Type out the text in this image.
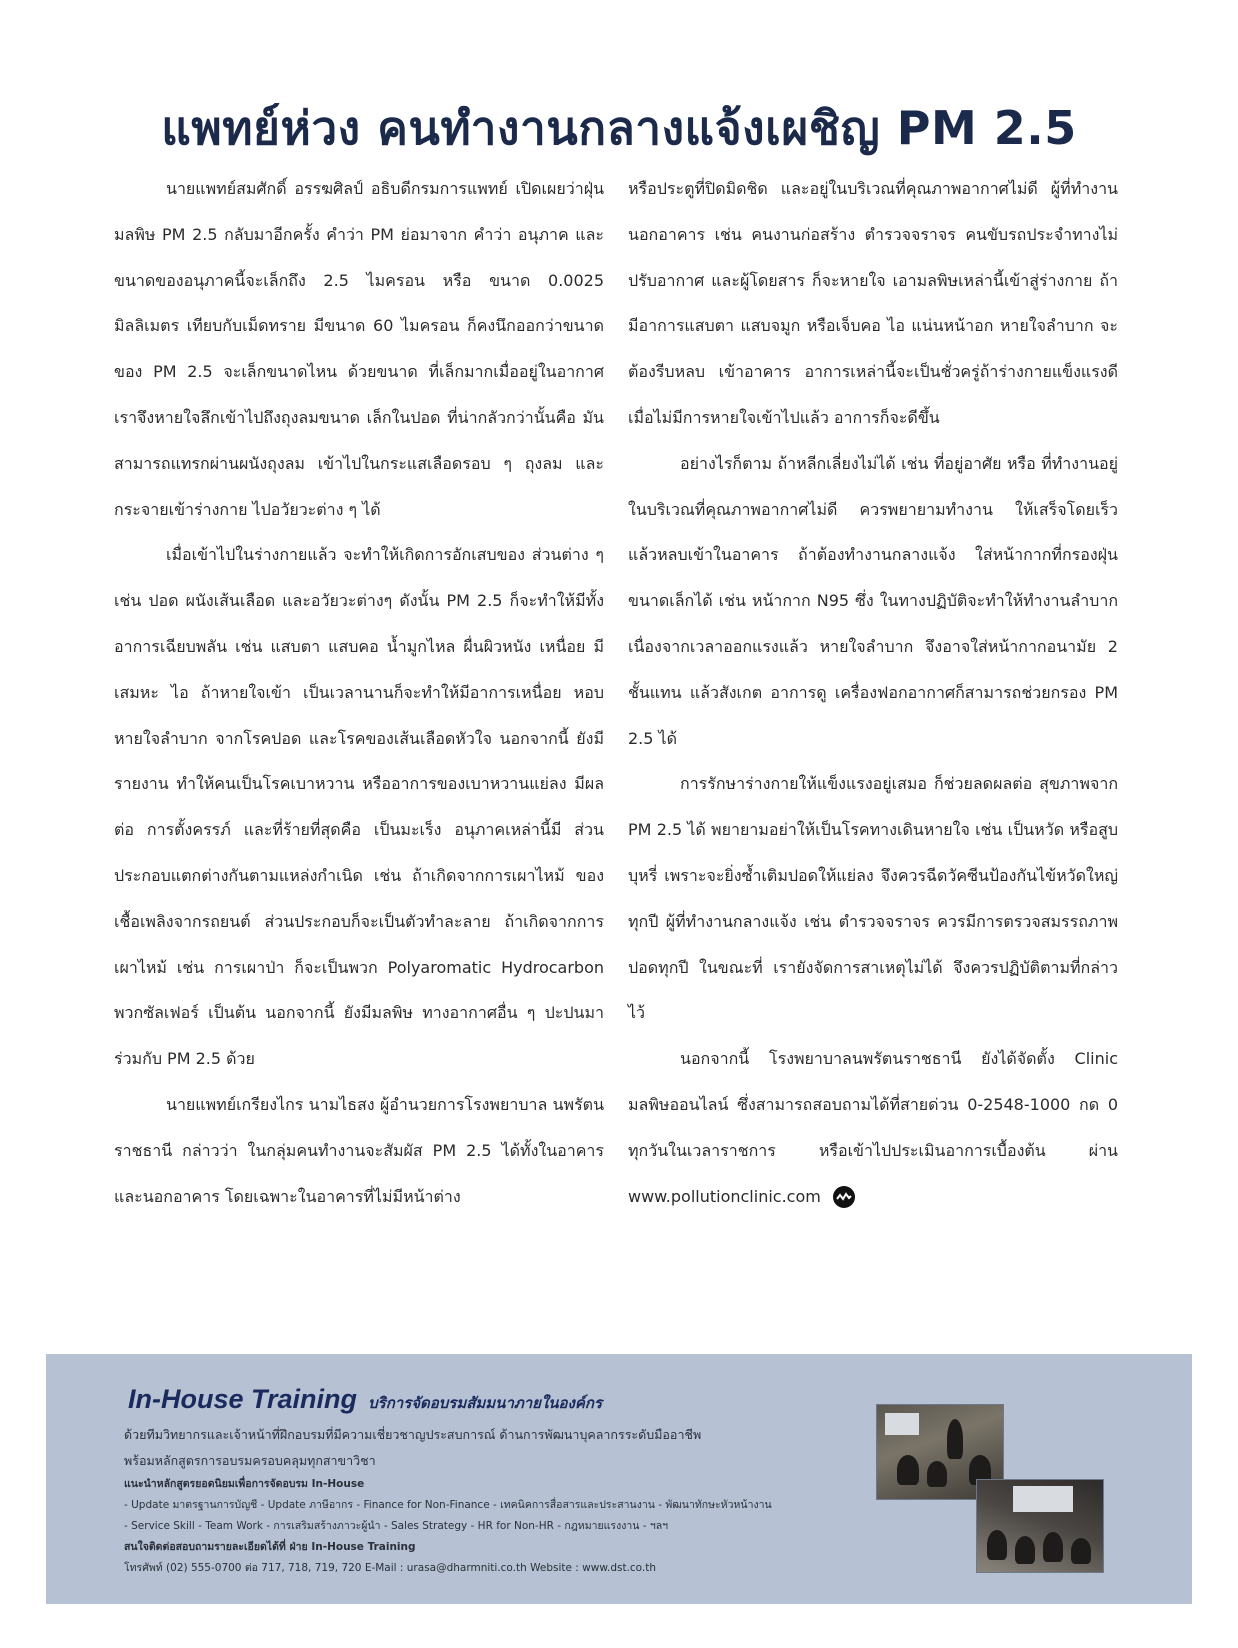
แพทย์ห่วง คนทำงานกลางแจ้งเผชิญ PM 2.5

นายแพทย์สมศักดิ์ อรรฆศิลป์ อธิบดีกรมการแพทย์ เปิดเผยว่าฝุ่นมลพิษ PM 2.5 กลับมาอีกครั้ง คำว่า PM ย่อมาจาก คำว่า อนุภาค และขนาดของอนุภาคนี้จะเล็กถึง 2.5 ไมครอน หรือ ขนาด 0.0025 มิลลิเมตร เทียบกับเม็ดทราย มีขนาด 60 ไมครอน ก็คงนึกออกว่าขนาดของ PM 2.5 จะเล็กขนาดไหน ด้วยขนาด ที่เล็กมากเมื่ออยู่ในอากาศ เราจึงหายใจลึกเข้าไปถึงถุงลมขนาด เล็กในปอด ที่น่ากลัวกว่านั้นคือ มันสามารถแทรกผ่านผนังถุงลม เข้าไปในกระแสเลือดรอบ ๆ ถุงลม และกระจายเข้าร่างกาย ไปอวัยวะต่าง ๆ ได้

เมื่อเข้าไปในร่างกายแล้ว จะทำให้เกิดการอักเสบของ ส่วนต่าง ๆ เช่น ปอด ผนังเส้นเลือด และอวัยวะต่างๆ ดังนั้น PM 2.5 ก็จะทำให้มีทั้งอาการเฉียบพลัน เช่น แสบตา แสบคอ น้ำมูกไหล ผื่นผิวหนัง เหนื่อย มีเสมหะ ไอ ถ้าหายใจเข้า เป็นเวลานานก็จะทำให้มีอาการเหนื่อย หอบ หายใจลำบาก จากโรคปอด และโรคของเส้นเลือดหัวใจ นอกจากนี้ ยังมีรายงาน ทำให้คนเป็นโรคเบาหวาน หรืออาการของเบาหวานแย่ลง มีผลต่อ การตั้งครรภ์ และที่ร้ายที่สุดคือ เป็นมะเร็ง อนุภาคเหล่านี้มี ส่วนประกอบแตกต่างกันตามแหล่งกำเนิด เช่น ถ้าเกิดจากการเผาไหม้ ของเชื้อเพลิงจากรถยนต์ ส่วนประกอบก็จะเป็นตัวทำละลาย ถ้าเกิดจากการเผาไหม้ เช่น การเผาป่า ก็จะเป็นพวก Polyaromatic Hydrocarbon พวกซัลเฟอร์ เป็นต้น นอกจากนี้ ยังมีมลพิษ ทางอากาศอื่น ๆ ปะปนมาร่วมกับ PM 2.5 ด้วย

นายแพทย์เกรียงไกร นามไธสง ผู้อำนวยการโรงพยาบาล นพรัตนราชธานี กล่าวว่า ในกลุ่มคนทำงานจะสัมผัส PM 2.5 ได้ทั้งในอาคารและนอกอาคาร โดยเฉพาะในอาคารที่ไม่มีหน้าต่าง

หรือประตูที่ปิดมิดชิด และอยู่ในบริเวณที่คุณภาพอากาศไม่ดี ผู้ที่ทำงานนอกอาคาร เช่น คนงานก่อสร้าง ตำรวจจราจร คนขับรถประจำทางไม่ปรับอากาศ และผู้โดยสาร ก็จะหายใจ เอามลพิษเหล่านี้เข้าสู่ร่างกาย ถ้ามีอาการแสบตา แสบจมูก หรือเจ็บคอ ไอ แน่นหน้าอก หายใจลำบาก จะต้องรีบหลบ เข้าอาคาร อาการเหล่านี้จะเป็นชั่วครู่ถ้าร่างกายแข็งแรงดี เมื่อไม่มีการหายใจเข้าไปแล้ว อาการก็จะดีขึ้น

อย่างไรก็ตาม ถ้าหลีกเลี่ยงไม่ได้ เช่น ที่อยู่อาศัย หรือ ที่ทำงานอยู่ในบริเวณที่คุณภาพอากาศไม่ดี ควรพยายามทำงาน ให้เสร็จโดยเร็ว แล้วหลบเข้าในอาคาร ถ้าต้องทำงานกลางแจ้ง ใส่หน้ากากที่กรองฝุ่นขนาดเล็กได้ เช่น หน้ากาก N95 ซึ่ง ในทางปฏิบัติจะทำให้ทำงานลำบาก เนื่องจากเวลาออกแรงแล้ว หายใจลำบาก จึงอาจใส่หน้ากากอนามัย 2 ชั้นแทน แล้วสังเกต อาการดู เครื่องฟอกอากาศก็สามารถช่วยกรอง PM 2.5 ได้

การรักษาร่างกายให้แข็งแรงอยู่เสมอ ก็ช่วยลดผลต่อ สุขภาพจาก PM 2.5 ได้ พยายามอย่าให้เป็นโรคทางเดินหายใจ เช่น เป็นหวัด หรือสูบบุหรี่ เพราะจะยิ่งซ้ำเติมปอดให้แย่ลง จึงควรฉีดวัคซีนป้องกันไข้หวัดใหญ่ทุกปี ผู้ที่ทำงานกลางแจ้ง เช่น ตำรวจจราจร ควรมีการตรวจสมรรถภาพปอดทุกปี ในขณะที่ เรายังจัดการสาเหตุไม่ได้ จึงควรปฏิบัติตามที่กล่าวไว้

นอกจากนี้ โรงพยาบาลนพรัตนราชธานี ยังได้จัดตั้ง Clinic มลพิษออนไลน์ ซึ่งสามารถสอบถามได้ที่สายด่วน 0-2548-1000 กด 0 ทุกวันในเวลาราชการ หรือเข้าไปประเมินอาการเบื้องต้น ผ่าน www.pollutionclinic.com

In-House Training บริการจัดอบรมสัมมนาภายในองค์กร
ด้วยทีมวิทยากรและเจ้าหน้าที่ฝึกอบรมที่มีความเชี่ยวชาญประสบการณ์ ด้านการพัฒนาบุคลากรระดับมืออาชีพ
พร้อมหลักสูตรการอบรมครอบคลุมทุกสาขาวิชา
แนะนำหลักสูตรยอดนิยมเพื่อการจัดอบรม In-House
- Update มาตรฐานการบัญชี - Update ภาษีอากร - Finance for Non-Finance - เทคนิคการสื่อสารและประสานงาน - พัฒนาทักษะหัวหน้างาน
- Service Skill - Team Work - การเสริมสร้างภาวะผู้นำ - Sales Strategy - HR for Non-HR - กฎหมายแรงงาน - ฯลฯ
สนใจติดต่อสอบถามรายละเอียดได้ที่ ฝ่าย In-House Training
โทรศัพท์ (02) 555-0700 ต่อ 717, 718, 719, 720 E-Mail : urasa@dharmniti.co.th Website : www.dst.co.th
